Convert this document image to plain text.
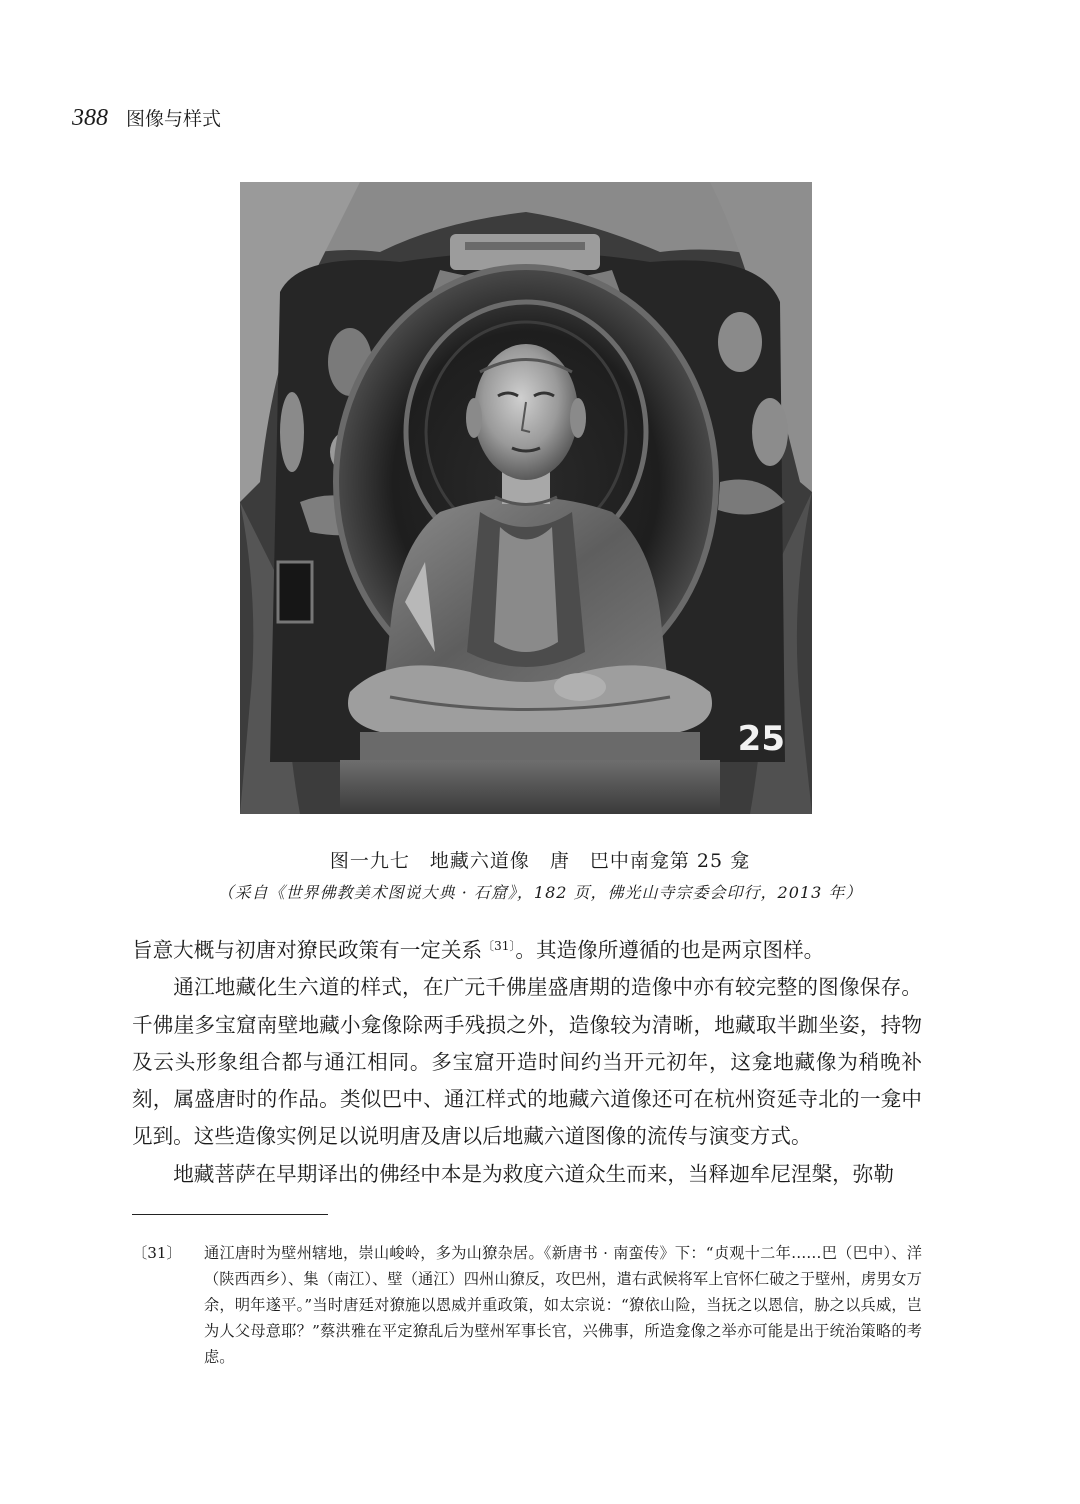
388 图像与样式
25
图一九七　地藏六道像　唐　巴中南龛第 25 龛
（采自《世界佛教美术图说大典 · 石窟》，182 页，佛光山寺宗委会印行，2013 年）

旨意大概与初唐对獠民政策有一定关系$^{〔31〕}$。其造像所遵循的也是两京图样。

通江地藏化生六道的样式，在广元千佛崖盛唐期的造像中亦有较完整的图像保存。千佛崖多宝窟南壁地藏小龛像除两手残损之外，造像较为清晰，地藏取半跏坐姿，持物及云头形象组合都与通江相同。多宝窟开造时间约当开元初年，这龛地藏像为稍晚补刻，属盛唐时的作品。类似巴中、通江样式的地藏六道像还可在杭州资延寺北的一龛中见到。这些造像实例足以说明唐及唐以后地藏六道图像的流传与演变方式。

地藏菩萨在早期译出的佛经中本是为救度六道众生而来，当释迦牟尼涅槃，弥勒

〔31〕 通江唐时为壁州辖地，崇山峻岭，多为山獠杂居。《新唐书 · 南蛮传》下：“贞观十二年……巴（巴中）、洋（陕西西乡）、集（南江）、壁（通江）四州山獠反，攻巴州，遣右武候将军上官怀仁破之于壁州，虏男女万余，明年遂平。”当时唐廷对獠施以恩威并重政策，如太宗说：“獠依山险，当抚之以恩信，胁之以兵威，岂为人父母意耶？”蔡洪雅在平定獠乱后为壁州军事长官，兴佛事，所造龛像之举亦可能是出于统治策略的考虑。
